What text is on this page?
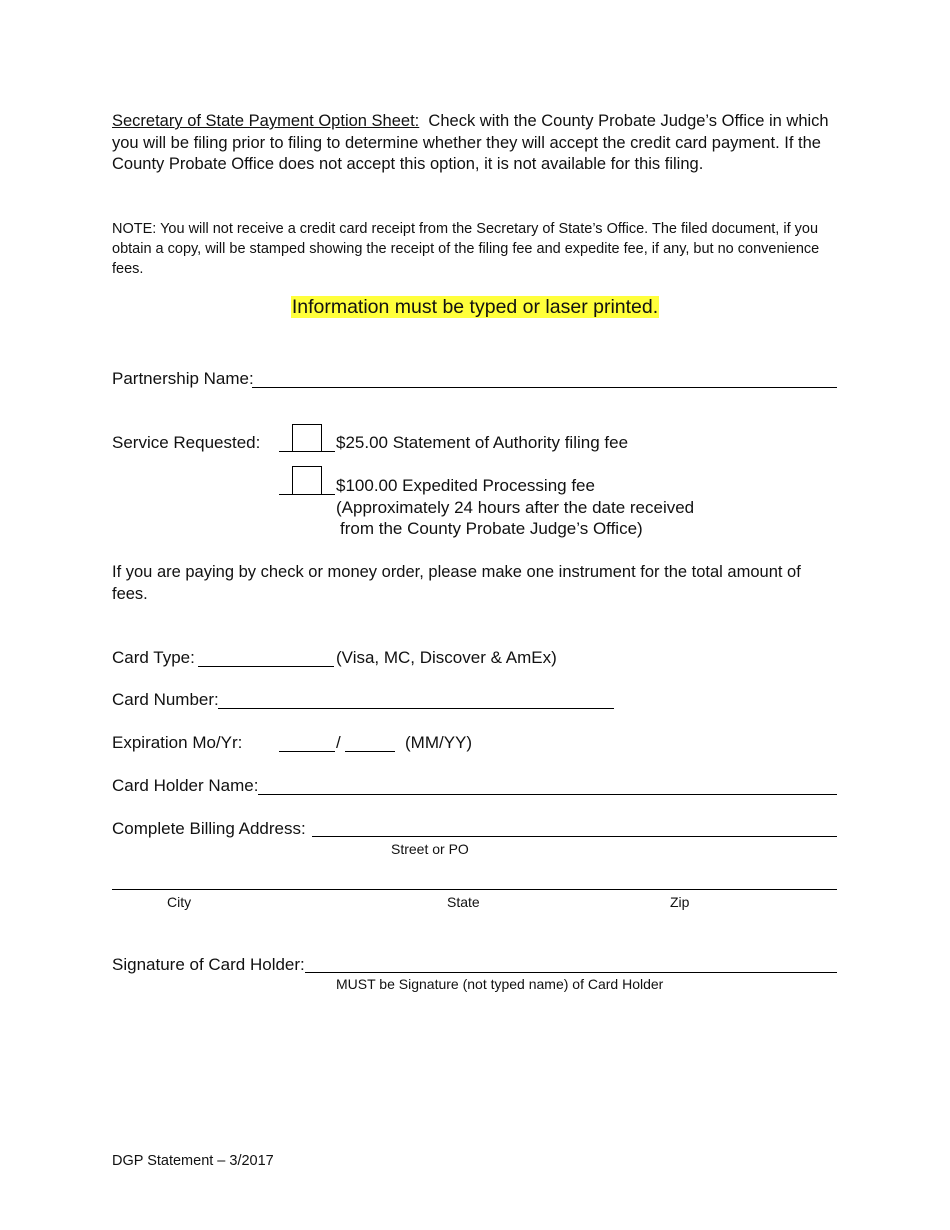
Secretary of State Payment Option Sheet: Check with the County Probate Judge’s Office in which you will be filing prior to filing to determine whether they will accept the credit card payment. If the County Probate Office does not accept this option, it is not available for this filing.
NOTE: You will not receive a credit card receipt from the Secretary of State’s Office. The filed document, if you obtain a copy, will be stamped showing the receipt of the filing fee and expedite fee, if any, but no convenience fees.
Information must be typed or laser printed.
Partnership Name:
Service Requested:	$25.00 Statement of Authority filing fee
$100.00 Expedited Processing fee
(Approximately 24 hours after the date received
from the County Probate Judge’s Office)
If you are paying by check or money order, please make one instrument for the total amount of fees.
Card Type:	(Visa, MC, Discover & AmEx)
Card Number:
Expiration Mo/Yr:	/	(MM/YY)
Card Holder Name:
Complete Billing Address:
Street or PO
City	State	Zip
Signature of Card Holder:
MUST be Signature (not typed name) of Card Holder
DGP Statement – 3/2017
